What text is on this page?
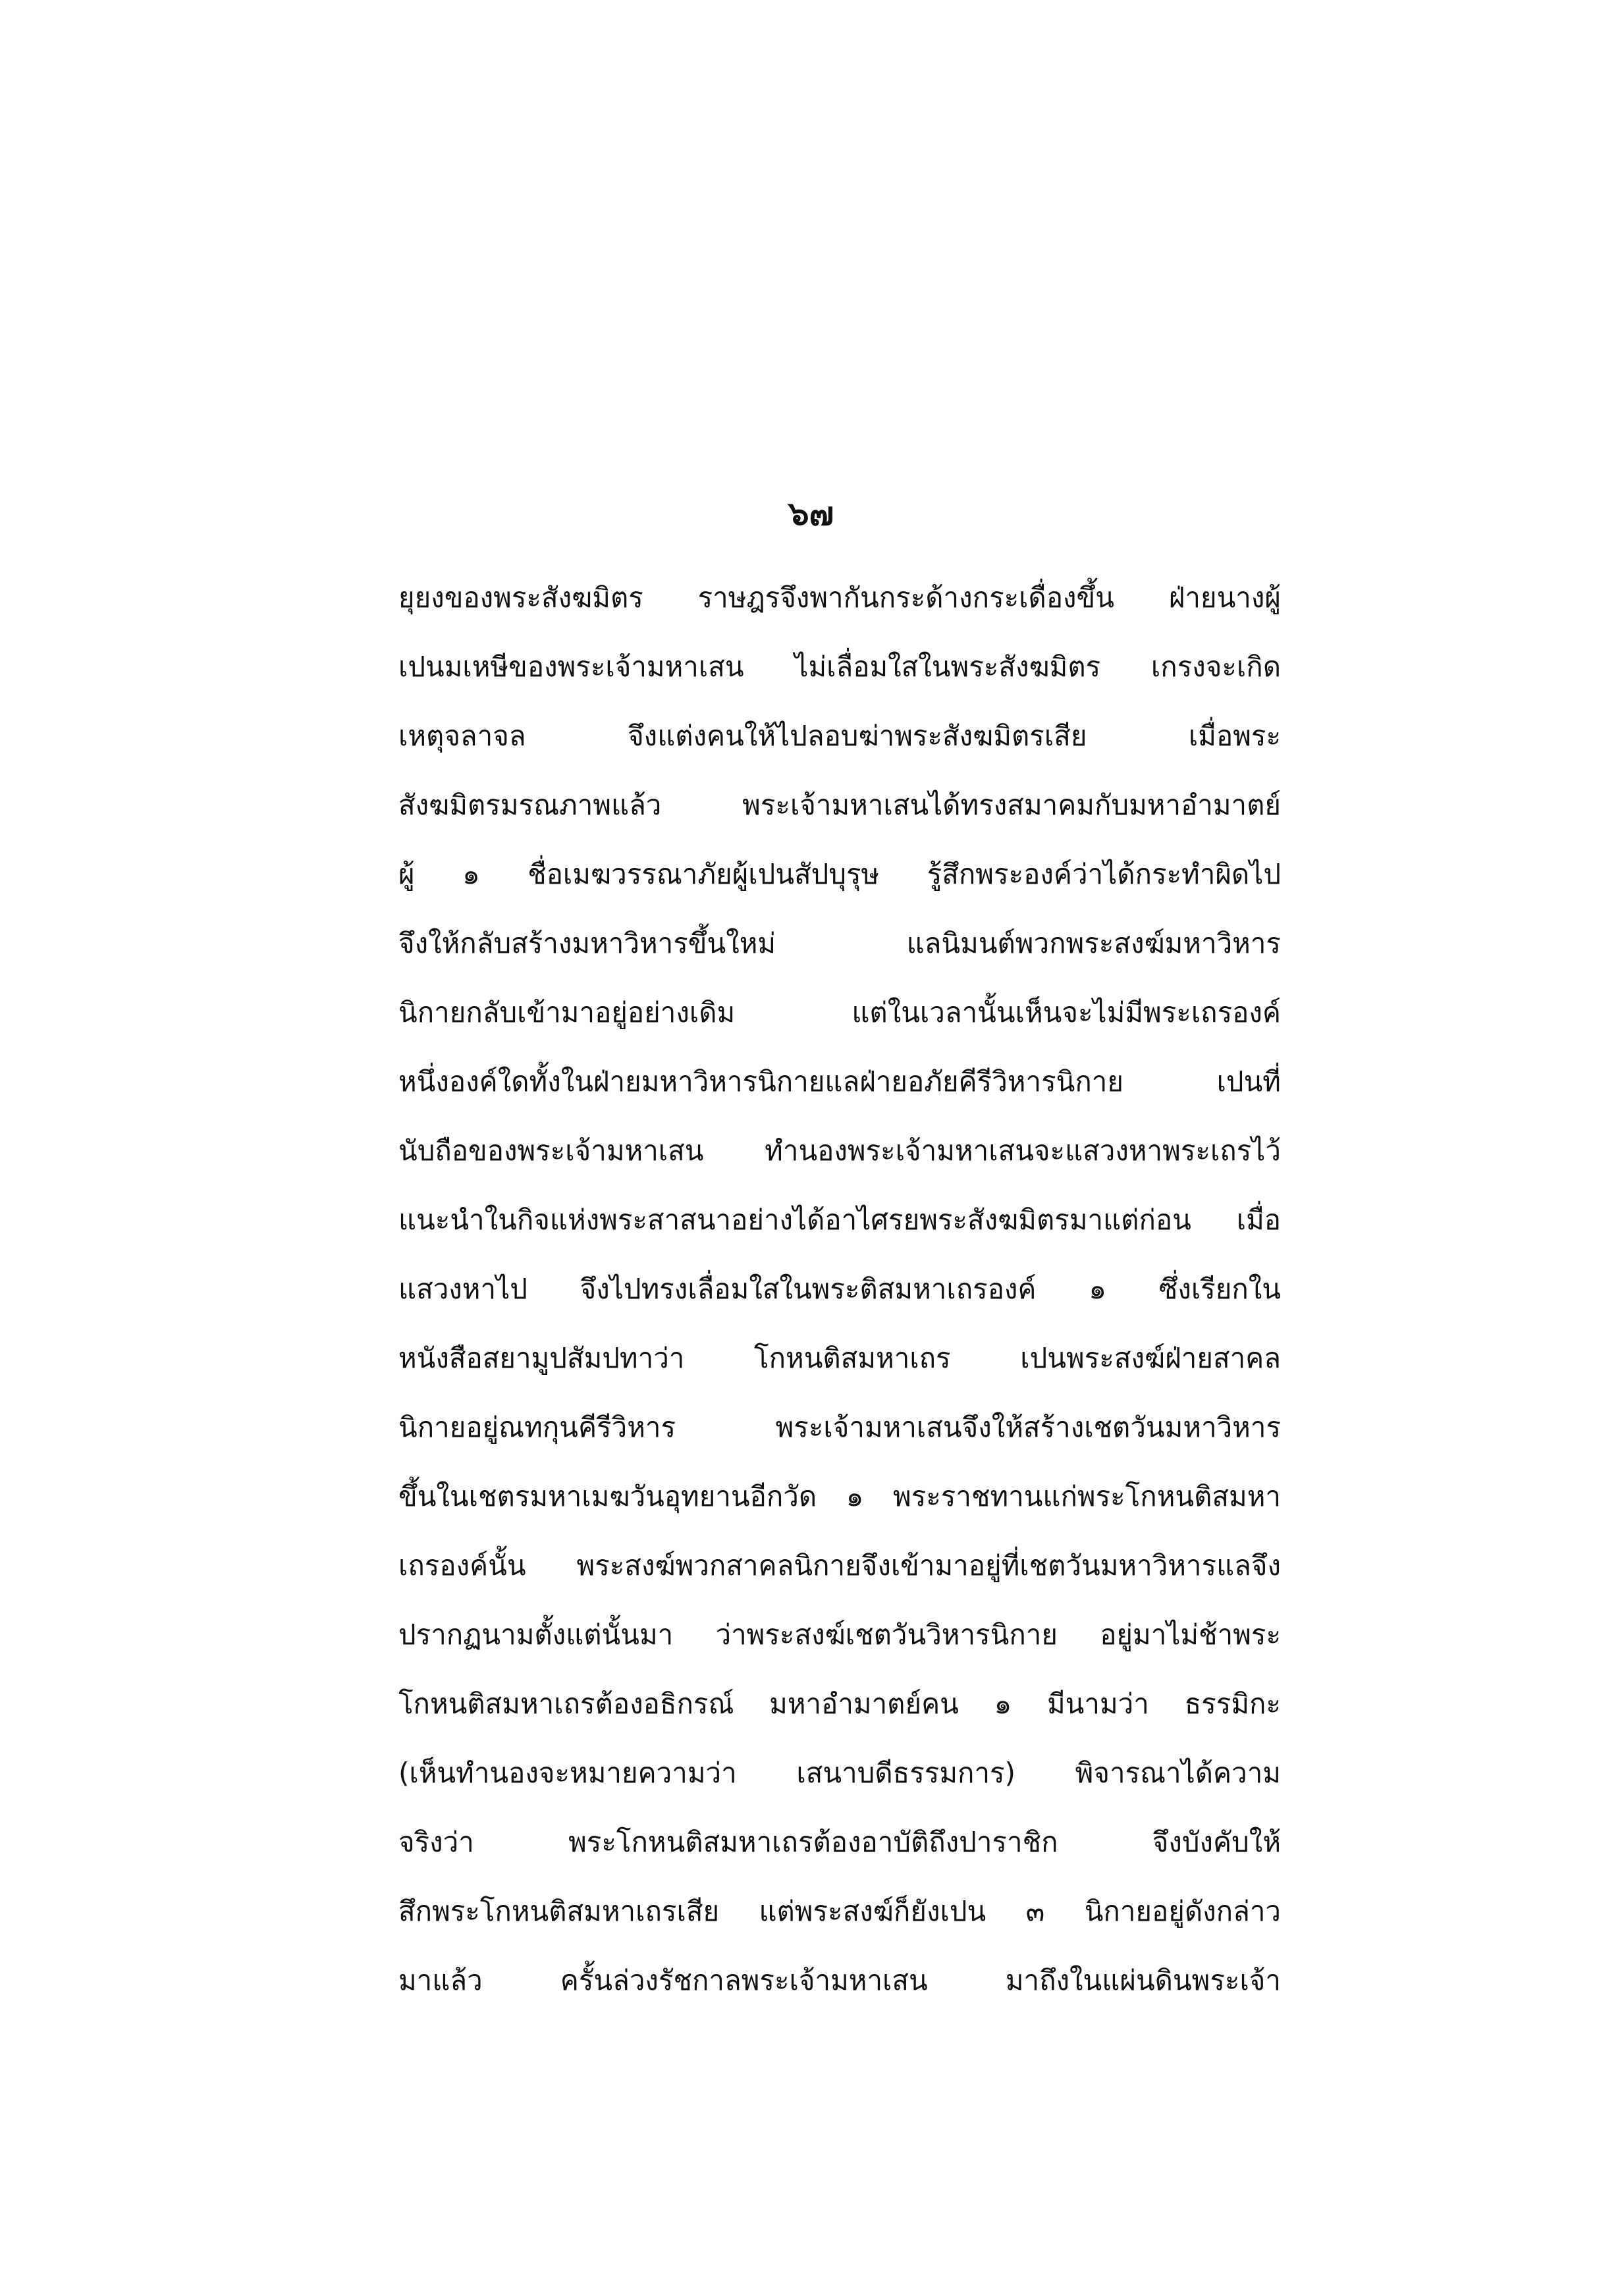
๖๗
ยุยงของพระสังฆมิตร ราษฎรจึงพากันกระด้างกระเดื่องขึ้น ฝ่ายนางผู้
เปนมเหษีของพระเจ้ามหาเสน ไม่เลื่อมใสในพระสังฆมิตร เกรงจะเกิด
เหตุจลาจล จึงแต่งคนให้ไปลอบฆ่าพระสังฆมิตรเสีย เมื่อพระ
สังฆมิตรมรณภาพแล้ว พระเจ้ามหาเสนได้ทรงสมาคมกับมหาอำมาตย์
ผู้ ๑ ชื่อเมฆวรรณาภัยผู้เปนสัปบุรุษ รู้สึกพระองค์ว่าได้กระทำผิดไป
จึงให้กลับสร้างมหาวิหารขึ้นใหม่ แลนิมนต์พวกพระสงฆ์มหาวิหาร
นิกายกลับเข้ามาอยู่อย่างเดิม แต่ในเวลานั้นเห็นจะไม่มีพระเถรองค์
หนึ่งองค์ใดทั้งในฝ่ายมหาวิหารนิกายแลฝ่ายอภัยคีรีวิหารนิกาย เปนที่
นับถือของพระเจ้ามหาเสน ทำนองพระเจ้ามหาเสนจะแสวงหาพระเถรไว้
แนะนำในกิจแห่งพระสาสนาอย่างได้อาไศรยพระสังฆมิตรมาแต่ก่อน เมื่อ
แสวงหาไป จึงไปทรงเลื่อมใสในพระติสมหาเถรองค์ ๑ ซึ่งเรียกใน
หนังสือสยามูปสัมปทาว่า โกหนติสมหาเถร เปนพระสงฆ์ฝ่ายสาคล
นิกายอยู่ณทกุนคีรีวิหาร พระเจ้ามหาเสนจึงให้สร้างเชตวันมหาวิหาร
ขึ้นในเชตรมหาเมฆวันอุทยานอีกวัด ๑ พระราชทานแก่พระโกหนติสมหา
เถรองค์นั้น พระสงฆ์พวกสาคลนิกายจึงเข้ามาอยู่ที่เชตวันมหาวิหารแลจึง
ปรากฏนามตั้งแต่นั้นมา ว่าพระสงฆ์เชตวันวิหารนิกาย อยู่มาไม่ช้าพระ
โกหนติสมหาเถรต้องอธิกรณ์ มหาอำมาตย์คน ๑ มีนามว่า ธรรมิกะ
(เห็นทำนองจะหมายความว่า เสนาบดีธรรมการ) พิจารณาได้ความ
จริงว่า พระโกหนติสมหาเถรต้องอาบัติถึงปาราชิก จึงบังคับให้
สึกพระโกหนติสมหาเถรเสีย แต่พระสงฆ์ก็ยังเปน ๓ นิกายอยู่ดังกล่าว
มาแล้ว ครั้นล่วงรัชกาลพระเจ้ามหาเสน มาถึงในแผ่นดินพระเจ้า
